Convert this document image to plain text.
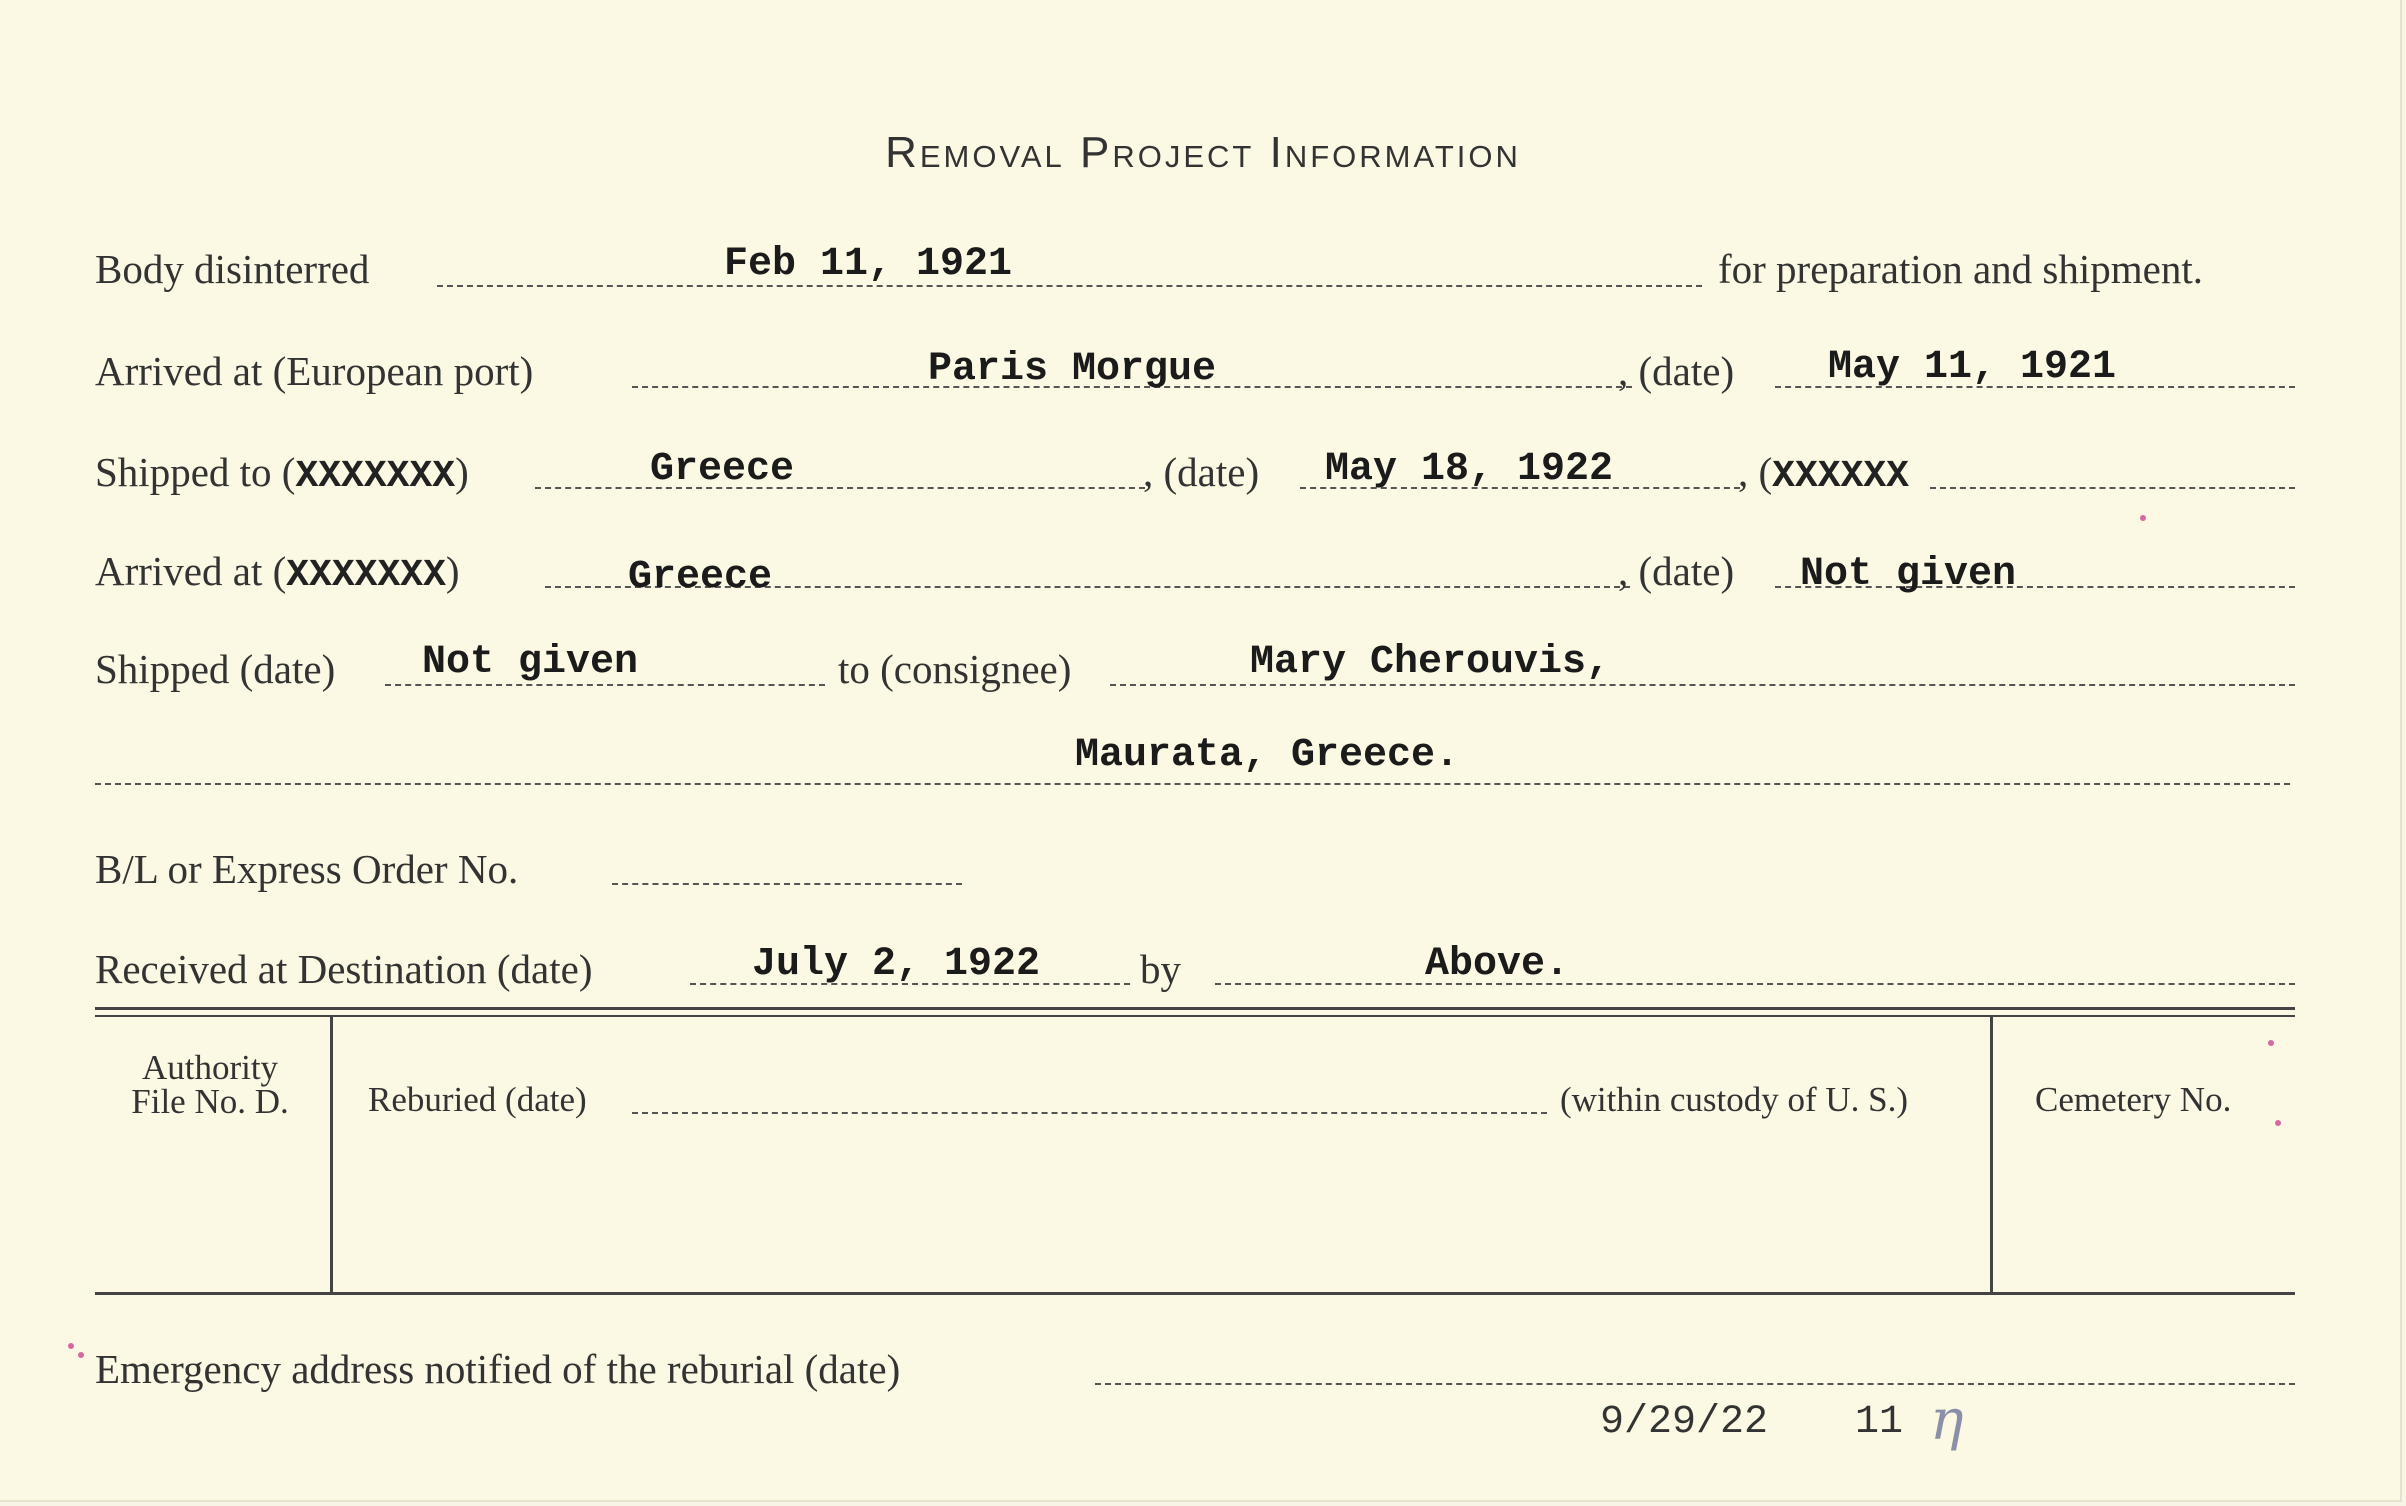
Removal Project Information
Body disinterred	Feb 11, 1921	for preparation and shipment.
Arrived at (European port)	Paris Morgue	, (date) May 11, 1921
Shipped to (XXXXXXX)	Greece	, (date) May 18, 1922	, (XXXXXX
Arrived at (XXXXXXX)	Greece	, (date) Not given
Shipped (date) Not given	to (consignee)	Mary Cherouvis,
Maurata, Greece.
B/L or Express Order No.
Received at Destination (date)	July 2, 1922 by	Above.
Authority
File No. D.	Reburied (date)	(within custody of U. S.)	Cemetery No.
Emergency address notified of the reburial (date)
9/29/22 11 η
